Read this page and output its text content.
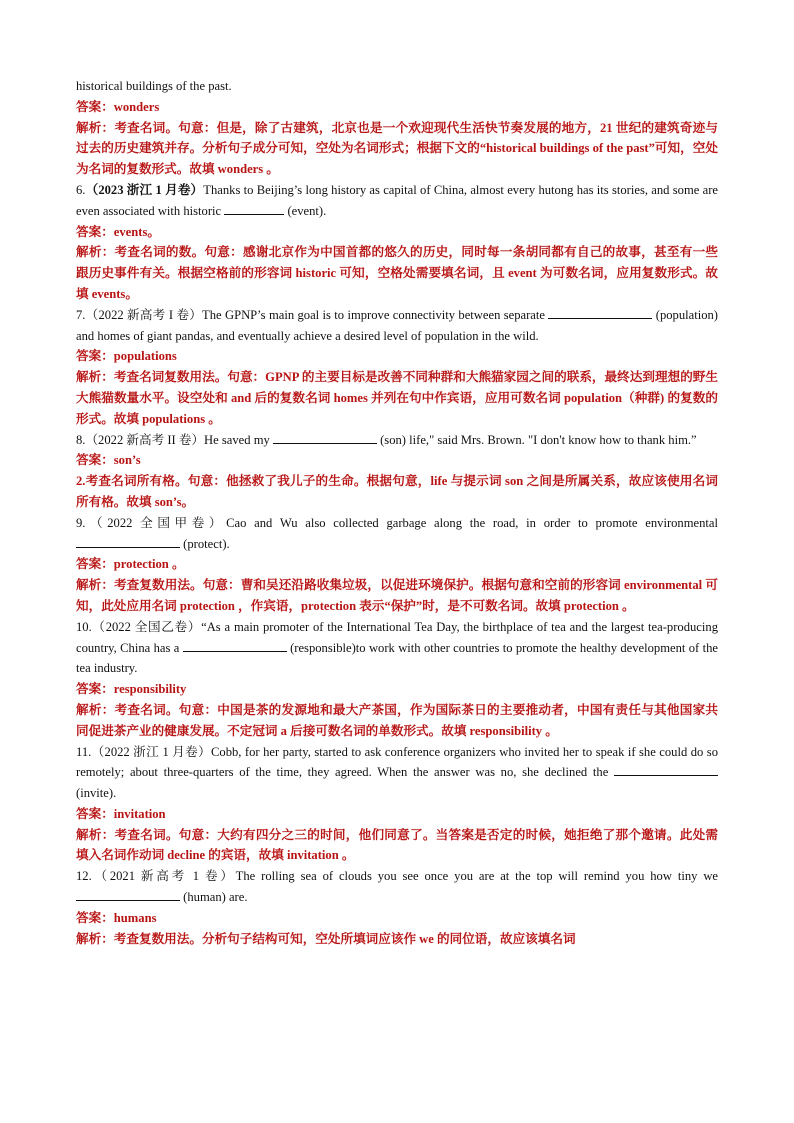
historical buildings of the past.

答案：wonders

解析：考查名词。句意：但是，除了古建筑，北京也是一个欢迎现代生活快节奏发展的地方，21 世纪的建筑奇迹与过去的历史建筑并存。分析句子成分可知，空处为名词形式；根据下文的“historical buildings of the past”可知，空处为名词的复数形式。故填 wonders 。

6.（2023 浙江 1 月卷）Thanks to Beijing’s long history as capital of China, almost every hutong has its stories, and some are even associated with historic	(event).

答案：events。

解析：考查名词的数。句意：感谢北京作为中国首都的悠久的历史，同时每一条胡同都有自己的故事，甚至有一些跟历史事件有关。根据空格前的形容词 historic 可知，空格处需要填名词，且 event 为可数名词，应用复数形式。故填 events。

7.（2022 新高考 I 卷）The GPNP’s main goal is to improve connectivity between separate	(population) and homes of giant pandas, and eventually achieve a desired level of population in the wild.

答案：populations

解析：考查名词复数用法。句意：GPNP 的主要目标是改善不同种群和大熊猫家园之间的联系，最终达到理想的野生大熊猫数量水平。设空处和 and 后的复数名词 homes 并列在句中作宾语，应用可数名词 population（种群) 的复数的形式。故填 populations 。

8.（2022 新高考 II 卷）He saved my	(son) life," said Mrs. Brown. "I don't know how to thank him.”

答案：son’s

2.考查名词所有格。句意：他拯救了我儿子的生命。根据句意，life 与提示词 son 之间是所属关系，故应该使用名词所有格。故填 son’s。

9.（2022 全国甲卷）Cao and Wu also collected garbage along the road, in order to promote environmental  (protect).

答案：protection 。

解析：考查复数用法。句意：曹和吴还沿路收集垃圾，以促进环境保护。根据句意和空前的形容词 environmental 可知，此处应用名词 protection ，作宾语，protection 表示“保护”时，是不可数名词。故填 protection 。

10.（2022 全国乙卷）“As a main promoter of the International Tea Day, the birthplace of tea and the largest tea-producing country, China has a	(responsible)to work with other countries to promote the healthy development of the tea industry.

答案：responsibility

解析：考查名词。句意：中国是茶的发源地和最大产茶国，作为国际茶日的主要推动者，中国有责任与其他国家共同促进茶产业的健康发展。不定冠词 a 后接可数名词的单数形式。故填 responsibility 。

11.（2022 浙江 1 月卷）Cobb, for her party, started to ask conference organizers who invited her to speak if she could do so remotely; about three-quarters of the time, they agreed. When the answer was no, she declined the  (invite).

答案：invitation

解析：考查名词。句意：大约有四分之三的时间，他们同意了。当答案是否定的时候，她拒绝了那个邀请。此处需填入名词作动词 decline 的宾语，故填 invitation 。

12.（2021 新高考 1 卷）The rolling sea of clouds you see once you are at the top will remind you how tiny we  (human) are.

答案：humans

解析：考查复数用法。分析句子结构可知，空处所填词应该作 we 的同位语，故应该填名词
